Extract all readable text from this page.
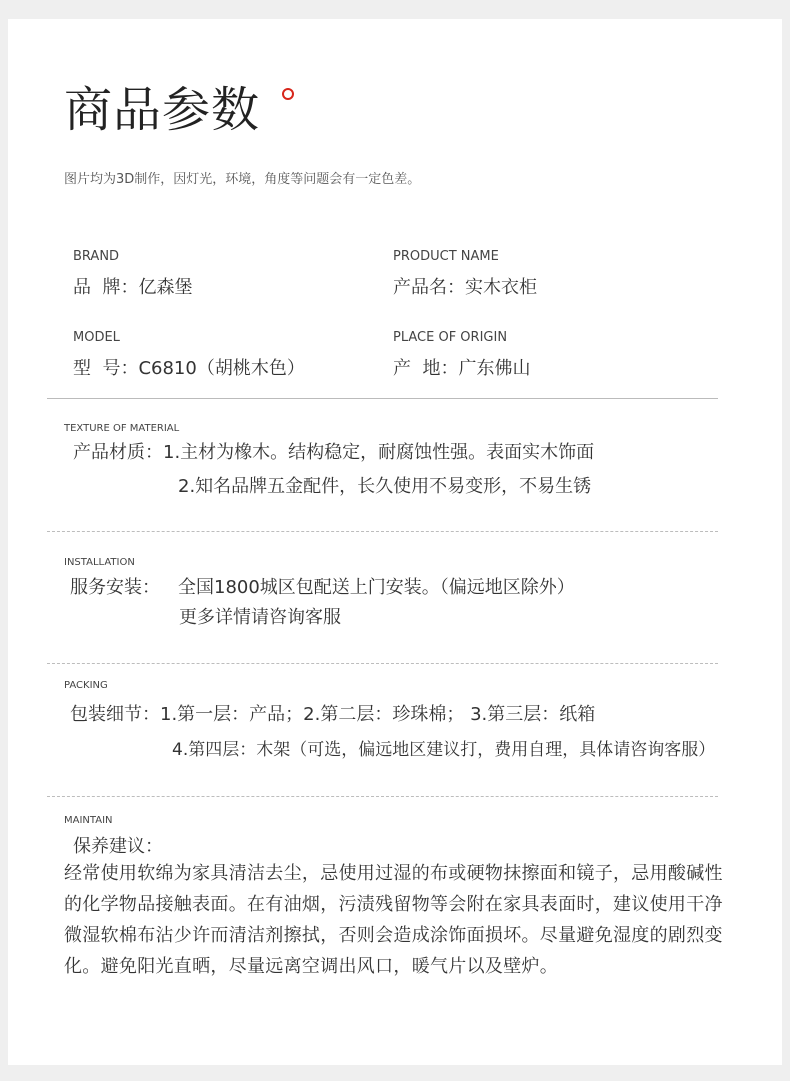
商品参数
图片均为3D制作，因灯光，环境，角度等问题会有一定色差。
BRAND
品  牌：亿森堡
PRODUCT NAME
产品名：实木衣柜
MODEL
型  号：C6810（胡桃木色）
PLACE OF ORIGIN
产  地：广东佛山
TEXTURE OF MATERIAL
产品材质：1.主材为橡木。结构稳定，耐腐蚀性强。表面实木饰面
2.知名品牌五金配件，长久使用不易变形，不易生锈
INSTALLATION
服务安装： 全国1800城区包配送上门安装。（偏远地区除外）
更多详情请咨询客服
PACKING
包装细节：1.第一层：产品；2.第二层：珍珠棉； 3.第三层：纸箱
4.第四层：木架（可选，偏远地区建议打，费用自理，具体请咨询客服）
MAINTAIN
保养建议：
经常使用软绵为家具清洁去尘，忌使用过湿的布或硬物抹擦面和镜子，忌用酸碱性的化学物品接触表面。在有油烟，污渍残留物等会附在家具表面时，建议使用干净微湿软棉布沾少许而清洁剂擦拭，否则会造成涂饰面损坏。尽量避免湿度的剧烈变化。避免阳光直晒，尽量远离空调出风口，暖气片以及壁炉。
